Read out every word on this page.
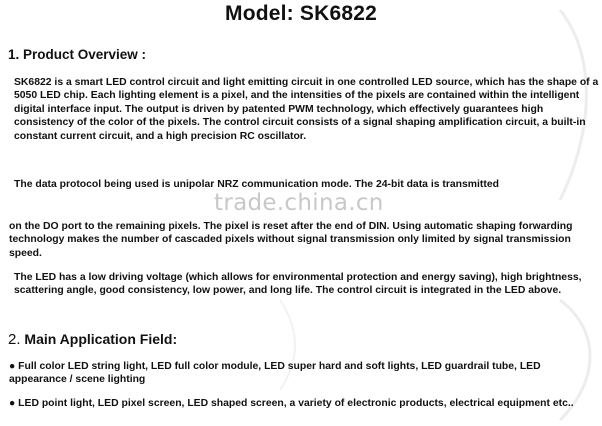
Model: SK6822
1. Product Overview :

SK6822 is a smart LED control circuit and light emitting circuit in one controlled LED source, which has the shape of a 5050 LED chip. Each lighting element is a pixel, and the intensities of the pixels are contained within the intelligent digital interface input. The output is driven by patented PWM technology, which effectively guarantees high consistency of the color of the pixels. The control circuit consists of a signal shaping amplification circuit, a built-in constant current circuit, and a high precision RC oscillator.

The data protocol being used is unipolar NRZ communication mode. The 24-bit data is transmitted

trade.china.cn

on the DO port to the remaining pixels. The pixel is reset after the end of DIN. Using automatic shaping forwarding technology makes the number of cascaded pixels without signal transmission only limited by signal transmission speed.

The LED has a low driving voltage (which allows for environmental protection and energy saving), high brightness, scattering angle, good consistency, low power, and long life. The control circuit is integrated in the LED above.

2. Main Application Field:

● Full color LED string light, LED full color module, LED super hard and soft lights, LED guardrail tube, LED appearance / scene lighting

● LED point light, LED pixel screen, LED shaped screen, a variety of electronic products, electrical equipment etc..
